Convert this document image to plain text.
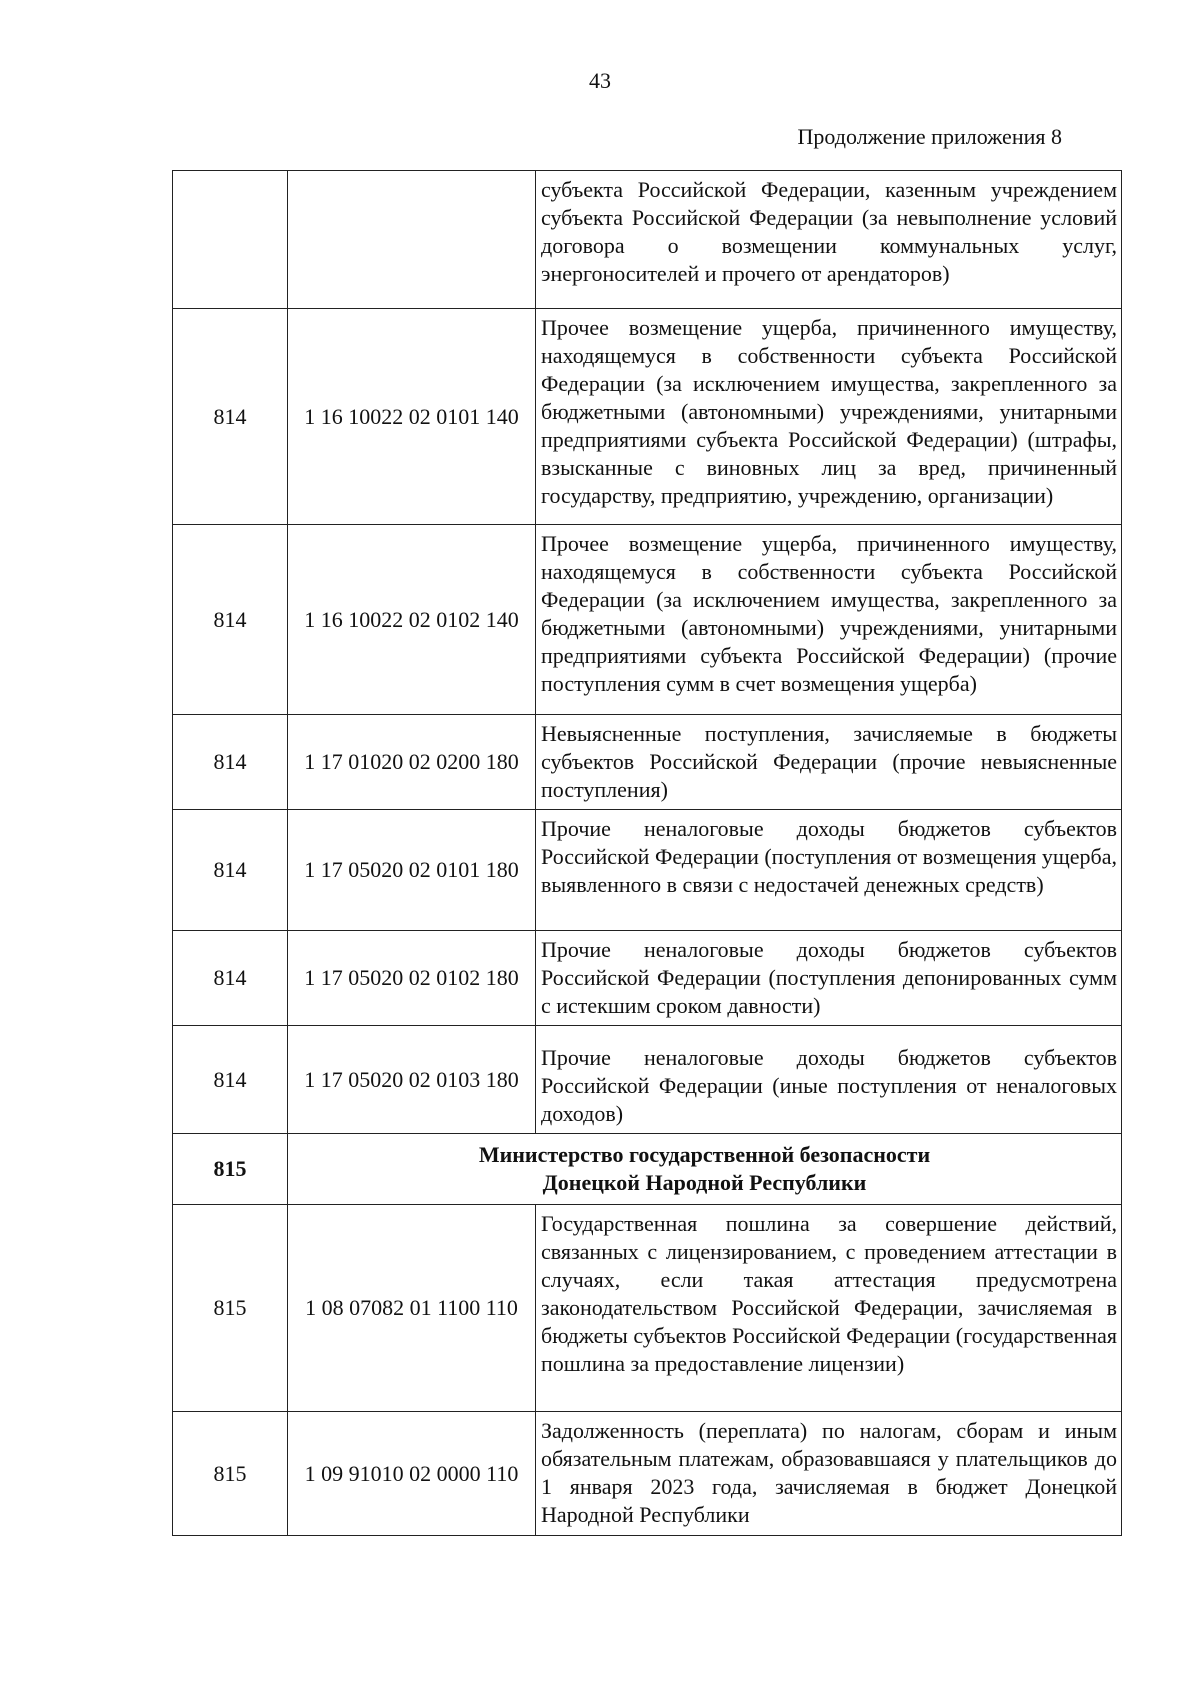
43
Продолжение приложения 8
		субъекта Российской Федерации, казенным учреждением субъекта Российской Федерации (за невыполнение условий договора о возмещении коммунальных услуг, энергоносителей и прочего от арендаторов)
814	1 16 10022 02 0101 140	Прочее возмещение ущерба, причиненного имуществу, находящемуся в собственности субъекта Российской Федерации (за исключением имущества, закрепленного за бюджетными (автономными) учреждениями, унитарными предприятиями субъекта Российской Федерации) (штрафы, взысканные с виновных лиц за вред, причиненный государству, предприятию, учреждению, организации)
814	1 16 10022 02 0102 140	Прочее возмещение ущерба, причиненного имуществу, находящемуся в собственности субъекта Российской Федерации (за исключением имущества, закрепленного за бюджетными (автономными) учреждениями, унитарными предприятиями субъекта Российской Федерации) (прочие поступления сумм в счет возмещения ущерба)
814	1 17 01020 02 0200 180	Невыясненные поступления, зачисляемые в бюджеты субъектов Российской Федерации (прочие невыясненные поступления)
814	1 17 05020 02 0101 180	Прочие неналоговые доходы бюджетов субъектов Российской Федерации (поступления от возмещения ущерба, выявленного в связи с недостачей денежных средств)
814	1 17 05020 02 0102 180	Прочие неналоговые доходы бюджетов субъектов Российской Федерации (поступления депонированных сумм с истекшим сроком давности)
814	1 17 05020 02 0103 180	Прочие неналоговые доходы бюджетов субъектов Российской Федерации (иные поступления от неналоговых доходов)
815	Министерство государственной безопасности
Донецкой Народной Республики	

815	1 08 07082 01 1100 110	Государственная пошлина за совершение действий, связанных с лицензированием, с проведением аттестации в случаях, если такая аттестация предусмотрена законодательством Российской Федерации, зачисляемая в бюджеты субъектов Российской Федерации (государственная пошлина за предоставление лицензии)
815	1 09 91010 02 0000 110	Задолженность (переплата) по налогам, сборам и иным обязательным платежам, образовавшаяся у плательщиков до 1 января 2023 года, зачисляемая в бюджет Донецкой Народной Республики
